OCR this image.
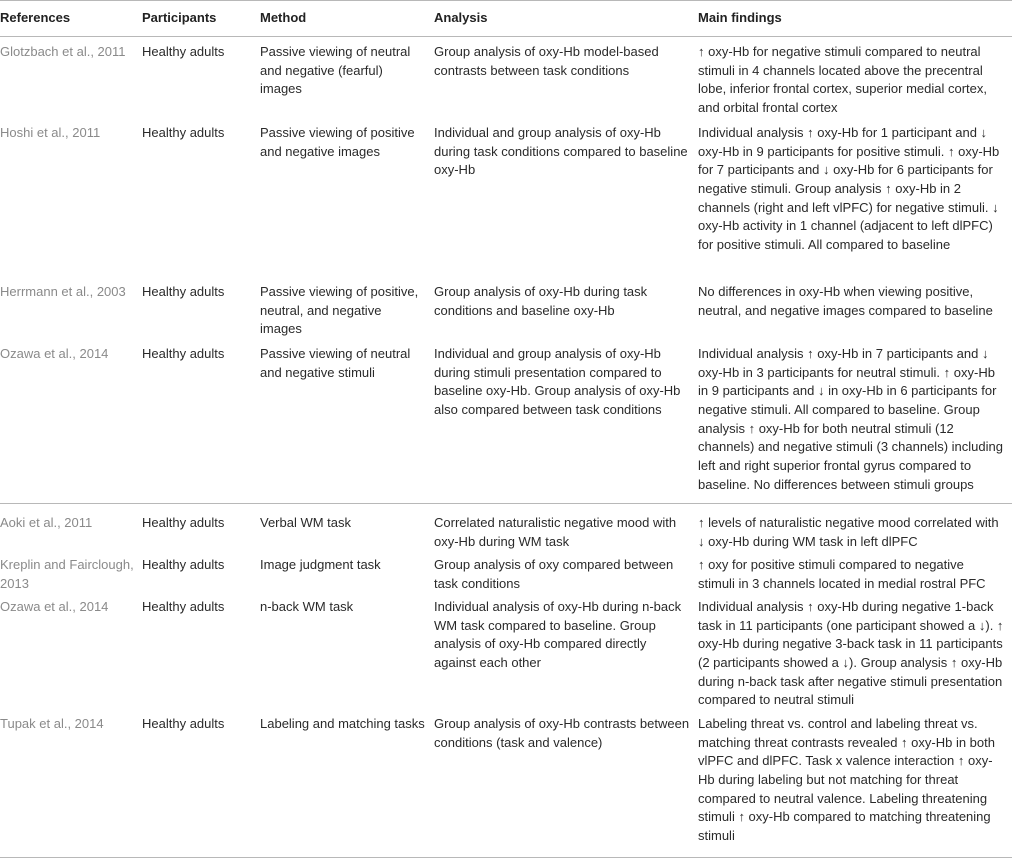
References	Participants	Method	Analysis	Main findings

Glotzbach et al., 2011	Healthy adults	Passive viewing of neutral and negative (fearful) images	Group analysis of oxy-Hb model-based contrasts between task conditions	↑ oxy-Hb for negative stimuli compared to neutral stimuli in 4 channels located above the precentral lobe, inferior frontal cortex, superior medial cortex, and orbital frontal cortex

Hoshi et al., 2011	Healthy adults	Passive viewing of positive and negative images	Individual and group analysis of oxy-Hb during task conditions compared to baseline oxy-Hb	Individual analysis ↑ oxy-Hb for 1 participant and ↓ oxy-Hb in 9 participants for positive stimuli. ↑ oxy-Hb for 7 participants and ↓ oxy-Hb for 6 participants for negative stimuli. Group analysis ↑ oxy-Hb in 2 channels (right and left vlPFC) for negative stimuli. ↓ oxy-Hb activity in 1 channel (adjacent to left dlPFC) for positive stimuli. All compared to baseline

Herrmann et al., 2003	Healthy adults	Passive viewing of positive, neutral, and negative images	Group analysis of oxy-Hb during task conditions and baseline oxy-Hb	No differences in oxy-Hb when viewing positive, neutral, and negative images compared to baseline

Ozawa et al., 2014	Healthy adults	Passive viewing of neutral and negative stimuli	Individual and group analysis of oxy-Hb during stimuli presentation compared to baseline oxy-Hb. Group analysis of oxy-Hb also compared between task conditions	Individual analysis ↑ oxy-Hb in 7 participants and ↓ oxy-Hb in 3 participants for neutral stimuli. ↑ oxy-Hb in 9 participants and ↓ in oxy-Hb in 6 participants for negative stimuli. All compared to baseline. Group analysis ↑ oxy-Hb for both neutral stimuli (12 channels) and negative stimuli (3 channels) including left and right superior frontal gyrus compared to baseline. No differences between stimuli groups

Aoki et al., 2011	Healthy adults	Verbal WM task	Correlated naturalistic negative mood with oxy-Hb during WM task	↑ levels of naturalistic negative mood correlated with ↓ oxy-Hb during WM task in left dlPFC

Kreplin and Fairclough, 2013	Healthy adults	Image judgment task	Group analysis of oxy compared between task conditions	↑ oxy for positive stimuli compared to negative stimuli in 3 channels located in medial rostral PFC

Ozawa et al., 2014	Healthy adults	n-back WM task	Individual analysis of oxy-Hb during n-back WM task compared to baseline. Group analysis of oxy-Hb compared directly against each other	Individual analysis ↑ oxy-Hb during negative 1-back task in 11 participants (one participant showed a ↓). ↑ oxy-Hb during negative 3-back task in 11 participants (2 participants showed a ↓). Group analysis ↑ oxy-Hb during n-back task after negative stimuli presentation compared to neutral stimuli

Tupak et al., 2014	Healthy adults	Labeling and matching tasks	Group analysis of oxy-Hb contrasts between conditions (task and valence)	Labeling threat vs. control and labeling threat vs. matching threat contrasts revealed ↑ oxy-Hb in both vlPFC and dlPFC. Task x valence interaction ↑ oxy-Hb during labeling but not matching for threat compared to neutral valence. Labeling threatening stimuli ↑ oxy-Hb compared to matching threatening stimuli
